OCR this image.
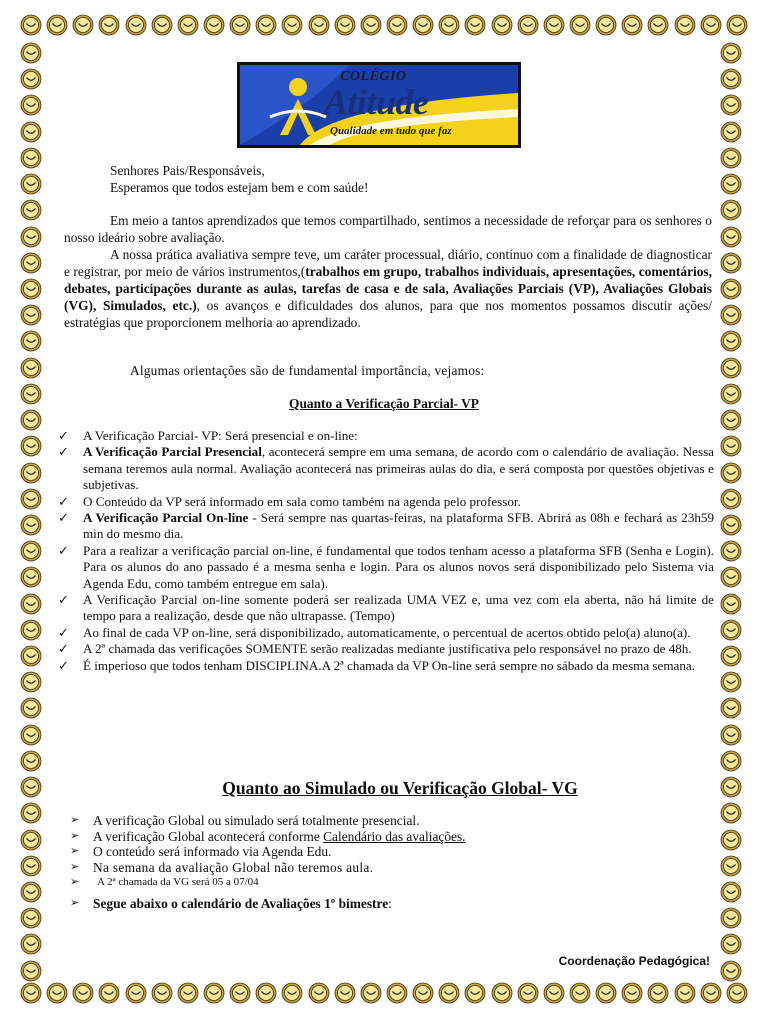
COLÉGIO
Atitude
Qualidade em tudo que faz
Senhores Pais/Responsáveis,
Esperamos que todos estejam bem e com saúde!
Em meio a tantos aprendizados que temos compartilhado, sentimos a necessidade de reforçar para os senhores o nosso ideário sobre avaliação.
A nossa prática avaliativa sempre teve, um caráter processual, diário, contínuo com a finalidade de diagnosticar e registrar, por meio de vários instrumentos,(trabalhos em grupo, trabalhos individuais, apresentações, comentários, debates, participações durante as aulas, tarefas de casa e de sala, Avaliações Parciais (VP), Avaliações Globais (VG), Simulados, etc.), os avanços e dificuldades dos alunos, para que nos momentos possamos discutir ações/ estratégias que proporcionem melhoria ao aprendizado.
Algumas orientações são de fundamental importância, vejamos:
Quanto a Verificação Parcial- VP
✓	A Verificação Parcial- VP: Será presencial e on-line:
✓	A Verificação Parcial Presencial, acontecerá sempre em uma semana, de acordo com o calendário de avaliação. Nessa semana teremos aula normal. Avaliação acontecerá nas primeiras aulas do dia, e será composta por questões objetivas e subjetivas.
✓	O Conteúdo da VP será informado em sala como também na agenda pelo professor.
✓	A Verificação Parcial On-line - Será sempre nas quartas-feiras, na plataforma SFB. Abrirá as 08h e fechará as 23h59 min do mesmo dia.
✓	Para a realizar a verificação parcial on-line, é fundamental que todos tenham acesso a plataforma SFB (Senha e Login). Para os alunos do ano passado é a mesma senha e login. Para os alunos novos será disponibilizado pelo Sistema via Agenda Edu, como também entregue em sala).
✓	A Verificação Parcial on-line somente poderá ser realizada UMA VEZ e, uma vez com ela aberta, não há limite de tempo para a realização, desde que não ultrapasse. (Tempo)
✓	Ao final de cada VP on-line, será disponibilizado, automaticamente, o percentual de acertos obtido pelo(a) aluno(a).
✓	A 2ª chamada das verificações SOMENTE serão realizadas mediante justificativa pelo responsável no prazo de 48h.
✓	É imperioso que todos tenham DISCIPLINA.A 2ª chamada da VP On-line será sempre no sábado da mesma semana.
Quanto ao Simulado ou Verificação Global- VG
➢ A verificação Global ou simulado será totalmente presencial.
➢ A verificação Global acontecerá conforme Calendário das avaliações.
➢ O conteúdo será informado via Agenda Edu.
➢ Na semana da avaliação Global não teremos aula.
➢ A 2ª chamada da VG será 05 a 07/04
➢ Segue abaixo o calendário de Avaliações 1º bimestre:
Coordenação Pedagógica!
